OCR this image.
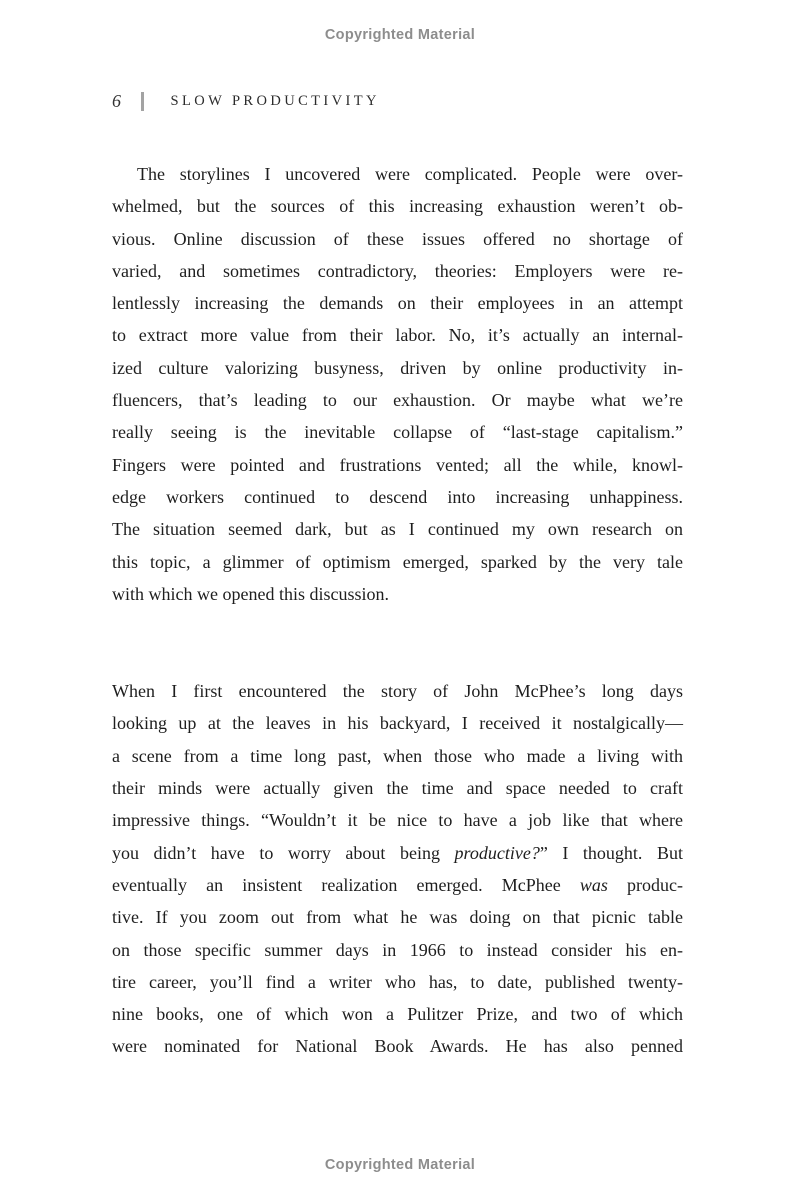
Copyrighted Material
6	SLOW PRODUCTIVITY
The storylines I uncovered were complicated. People were over-
whelmed, but the sources of this increasing exhaustion weren’t ob-
vious. Online discussion of these issues offered no shortage of
varied, and sometimes contradictory, theories: Employers were re-
lentlessly increasing the demands on their employees in an attempt
to extract more value from their labor. No, it’s actually an internal-
ized culture valorizing busyness, driven by online productivity in-
fluencers, that’s leading to our exhaustion. Or maybe what we’re
really seeing is the inevitable collapse of “last-stage capitalism.”
Fingers were pointed and frustrations vented; all the while, knowl-
edge workers continued to descend into increasing unhappiness.
The situation seemed dark, but as I continued my own research on
this topic, a glimmer of optimism emerged, sparked by the very tale
with which we opened this discussion.
When I first encountered the story of John McPhee’s long days
looking up at the leaves in his backyard, I received it nostalgically—
a scene from a time long past, when those who made a living with
their minds were actually given the time and space needed to craft
impressive things. “Wouldn’t it be nice to have a job like that where
you didn’t have to worry about being productive?” I thought. But
eventually an insistent realization emerged. McPhee was produc-
tive. If you zoom out from what he was doing on that picnic table
on those specific summer days in 1966 to instead consider his en-
tire career, you’ll find a writer who has, to date, published twenty-
nine books, one of which won a Pulitzer Prize, and two of which
were nominated for National Book Awards. He has also penned
Copyrighted Material
